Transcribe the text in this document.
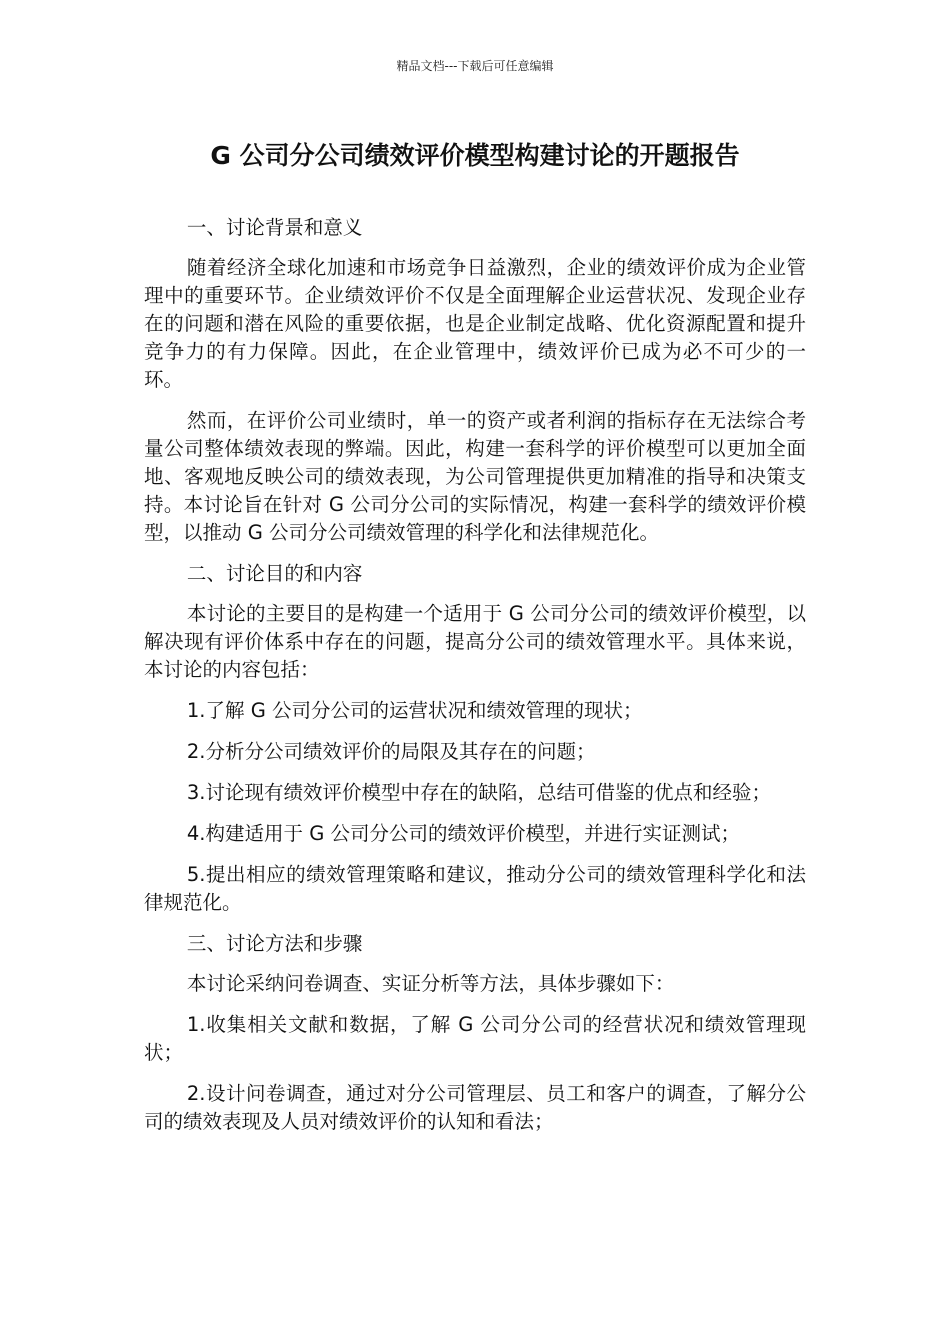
精品文档---下载后可任意编辑
G 公司分公司绩效评价模型构建讨论的开题报告

一、讨论背景和意义

随着经济全球化加速和市场竞争日益激烈，企业的绩效评价成为企业管理中的重要环节。企业绩效评价不仅是全面理解企业运营状况、发现企业存在的问题和潜在风险的重要依据，也是企业制定战略、优化资源配置和提升竞争力的有力保障。因此，在企业管理中，绩效评价已成为必不可少的一环。

然而，在评价公司业绩时，单一的资产或者利润的指标存在无法综合考量公司整体绩效表现的弊端。因此，构建一套科学的评价模型可以更加全面地、客观地反映公司的绩效表现，为公司管理提供更加精准的指导和决策支持。本讨论旨在针对 G 公司分公司的实际情况，构建一套科学的绩效评价模型，以推动 G 公司分公司绩效管理的科学化和法律规范化。

二、讨论目的和内容

本讨论的主要目的是构建一个适用于 G 公司分公司的绩效评价模型，以解决现有评价体系中存在的问题，提高分公司的绩效管理水平。具体来说，本讨论的内容包括：

1.了解 G 公司分公司的运营状况和绩效管理的现状；

2.分析分公司绩效评价的局限及其存在的问题；

3.讨论现有绩效评价模型中存在的缺陷，总结可借鉴的优点和经验；

4.构建适用于 G 公司分公司的绩效评价模型，并进行实证测试；

5.提出相应的绩效管理策略和建议，推动分公司的绩效管理科学化和法律规范化。

三、讨论方法和步骤

本讨论采纳问卷调查、实证分析等方法，具体步骤如下：

1.收集相关文献和数据，了解 G 公司分公司的经营状况和绩效管理现状；

2.设计问卷调查，通过对分公司管理层、员工和客户的调查，了解分公司的绩效表现及人员对绩效评价的认知和看法；
